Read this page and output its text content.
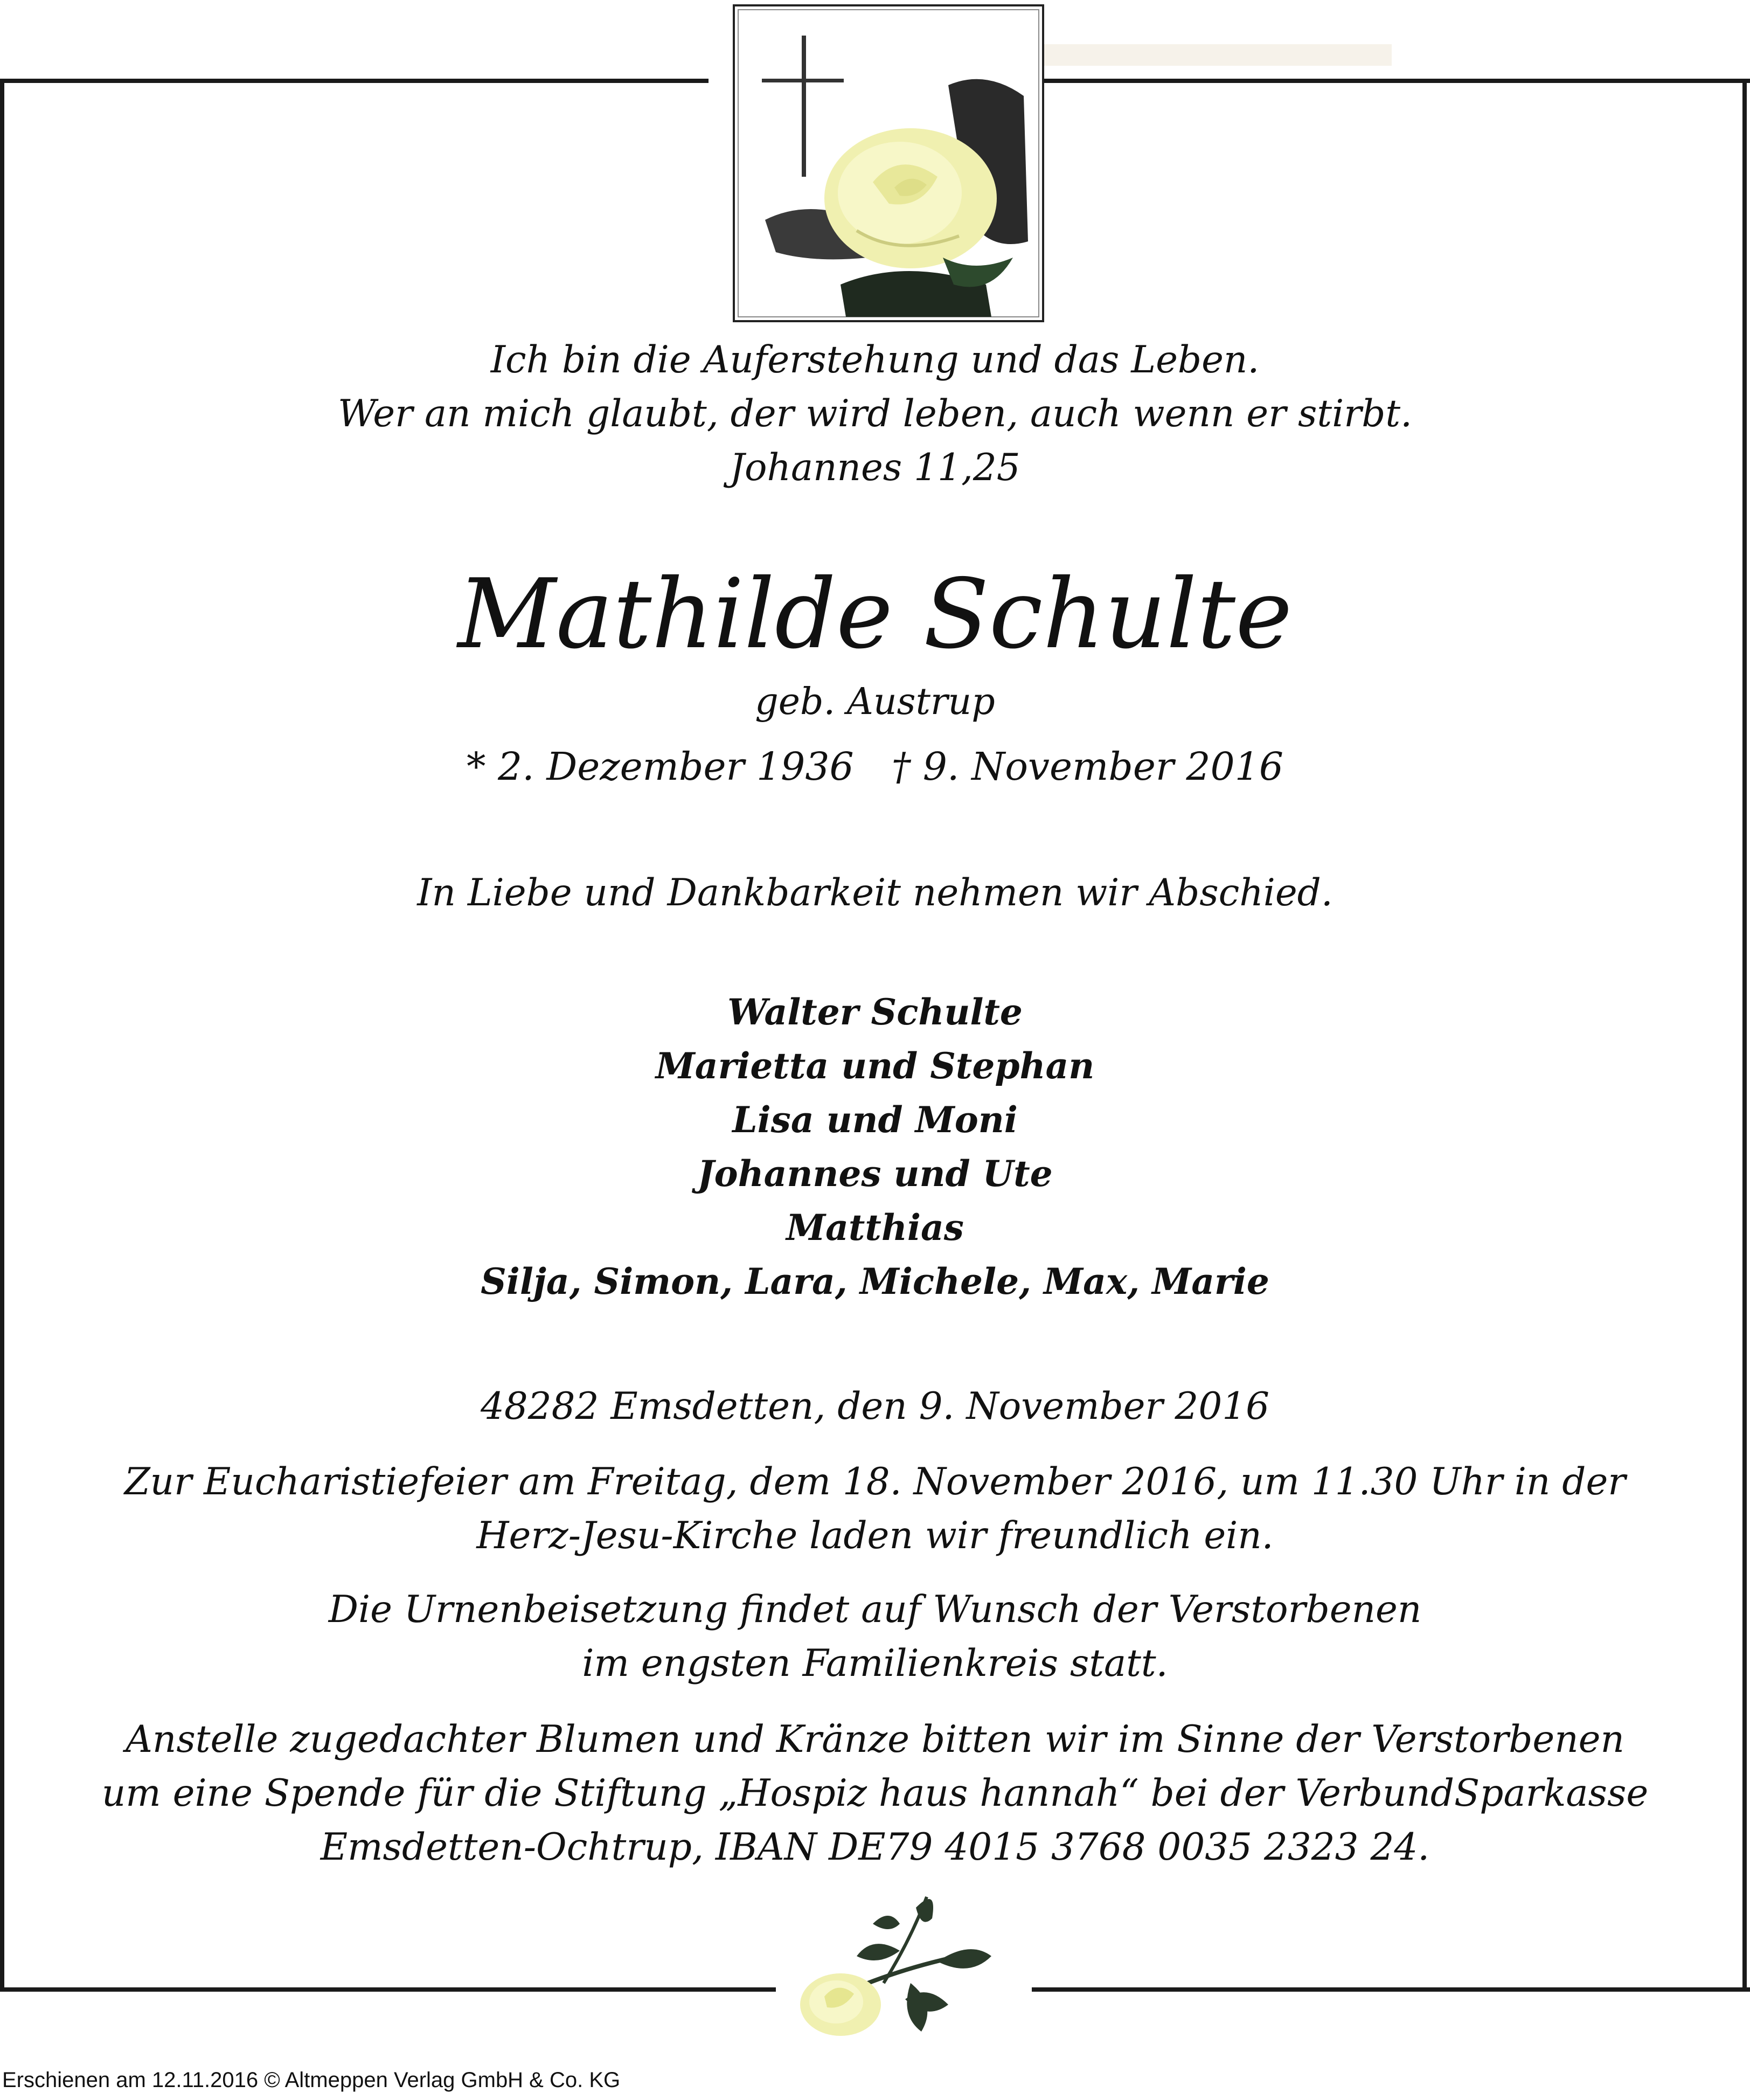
Ich bin die Auferstehung und das Leben.
Wer an mich glaubt, der wird leben, auch wenn er stirbt.
Johannes 11,25
Mathilde Schulte
geb. Austrup
* 2. Dezember 1936 † 9. November 2016
In Liebe und Dankbarkeit nehmen wir Abschied.
Walter Schulte
Marietta und Stephan
Lisa und Moni
Johannes und Ute
Matthias
Silja, Simon, Lara, Michele, Max, Marie
48282 Emsdetten, den 9. November 2016
Zur Eucharistiefeier am Freitag, dem 18. November 2016, um 11.30 Uhr in der
Herz-Jesu-Kirche laden wir freundlich ein.
Die Urnenbeisetzung findet auf Wunsch der Verstorbenen
im engsten Familienkreis statt.
Anstelle zugedachter Blumen und Kränze bitten wir im Sinne der Verstorbenen
um eine Spende für die Stiftung „Hospiz haus hannah“ bei der VerbundSparkasse
Emsdetten-Ochtrup, IBAN DE79 4015 3768 0035 2323 24.
Erschienen am 12.11.2016 © Altmeppen Verlag GmbH & Co. KG
